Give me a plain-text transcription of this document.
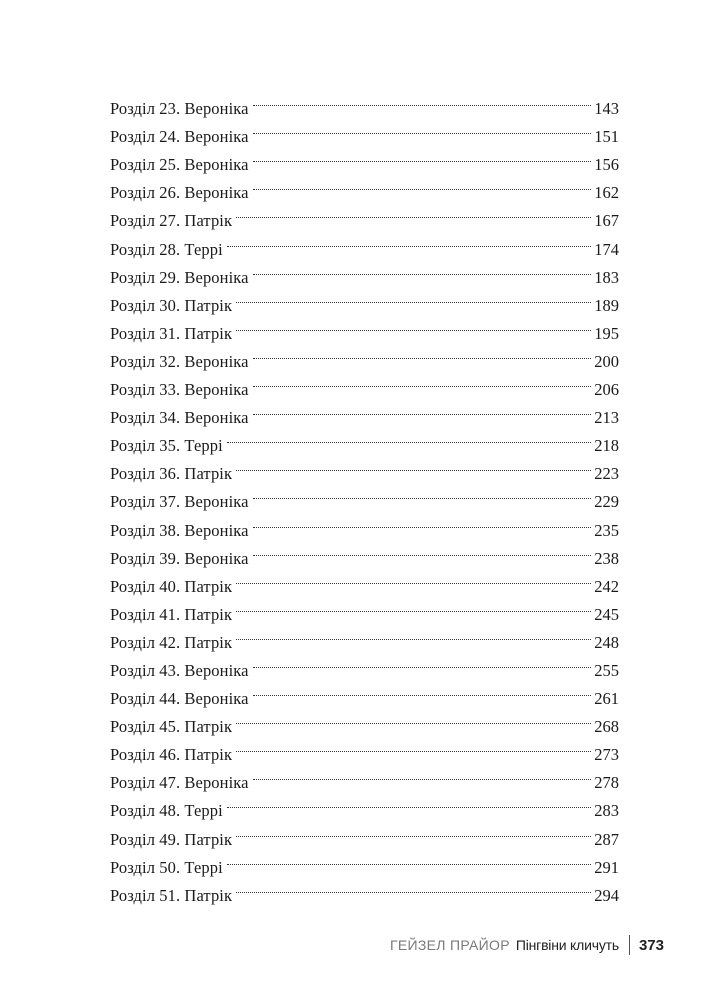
Розділ 23. Вероніка	143
Розділ 24. Вероніка	151
Розділ 25. Вероніка	156
Розділ 26. Вероніка	162
Розділ 27. Патрік	167
Розділ 28. Террі	174
Розділ 29. Вероніка	183
Розділ 30. Патрік	189
Розділ 31. Патрік	195
Розділ 32. Вероніка	200
Розділ 33. Вероніка	206
Розділ 34. Вероніка	213
Розділ 35. Террі	218
Розділ 36. Патрік	223
Розділ 37. Вероніка	229
Розділ 38. Вероніка	235
Розділ 39. Вероніка	238
Розділ 40. Патрік	242
Розділ 41. Патрік	245
Розділ 42. Патрік	248
Розділ 43. Вероніка	255
Розділ 44. Вероніка	261
Розділ 45. Патрік	268
Розділ 46. Патрік	273
Розділ 47. Вероніка	278
Розділ 48. Террі	283
Розділ 49. Патрік	287
Розділ 50. Террі	291
Розділ 51. Патрік	294
ГЕЙЗЕЛ ПРАЙОР Пінгвіни кличуть 373
